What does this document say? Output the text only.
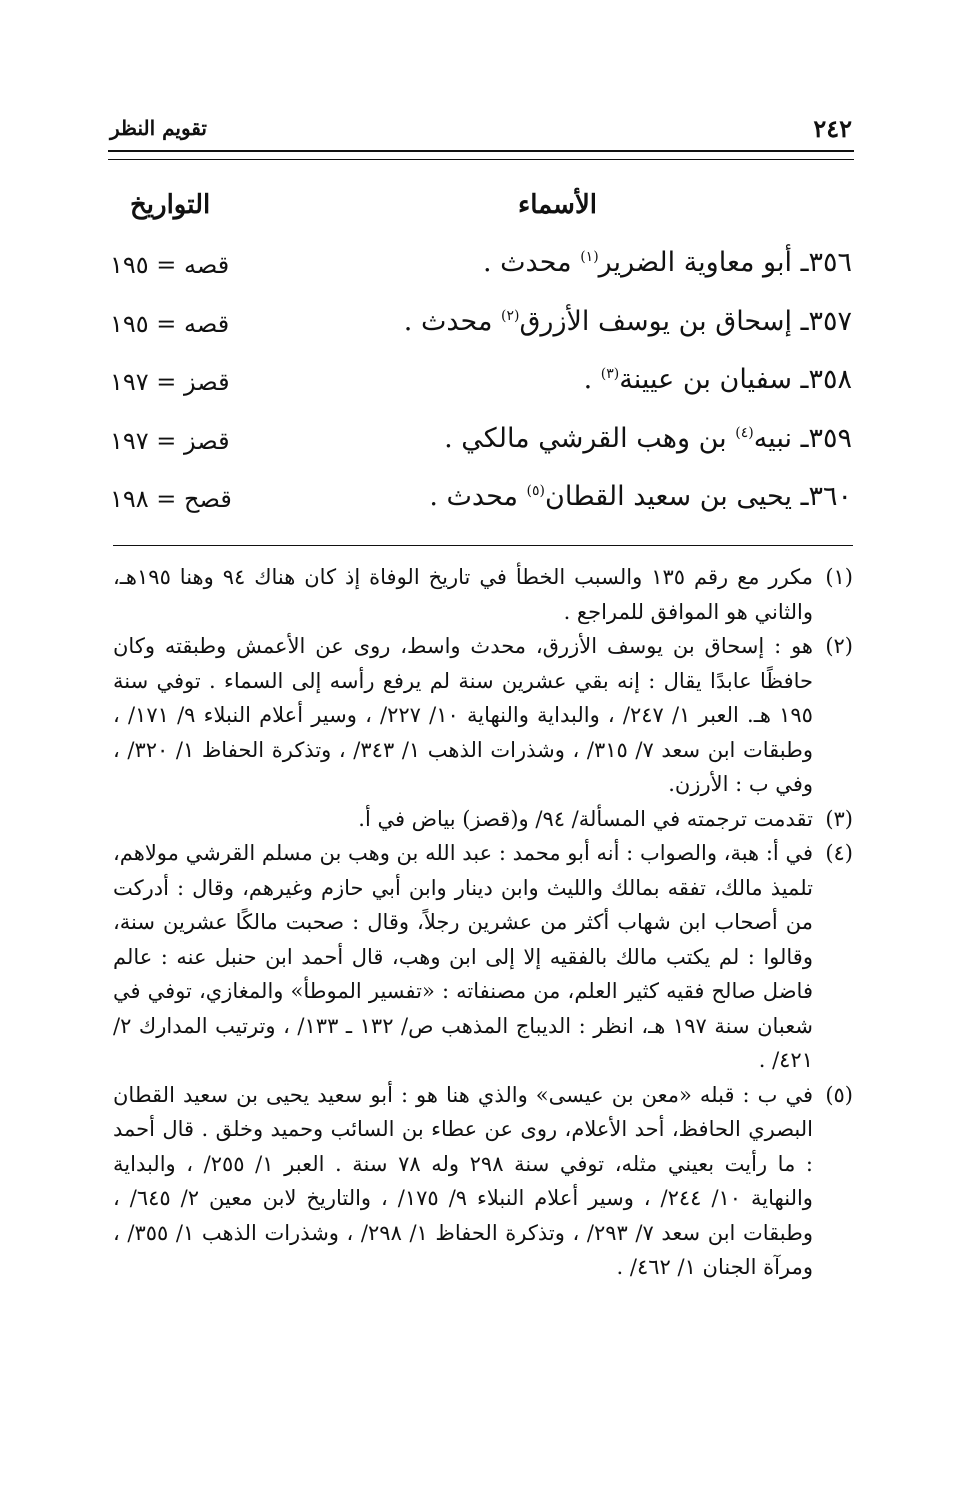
٢٤٢
تقويم النظر
الأسماء
التواريخ
٣٥٦ـ أبو معاوية الضرير$^{(١)}$ محدث .
قصه = ١٩٥
٣٥٧ـ إسحاق بن يوسف الأزرق$^{(٢)}$ محدث .
قصه = ١٩٥
٣٥٨ـ سفيان بن عيينة$^{(٣)}$ .
قصز = ١٩٧
٣٥٩ـ نبيه$^{(٤)}$ بن وهب القرشي مالكي .
قصز = ١٩٧
٣٦٠ـ يحيى بن سعيد القطان$^{(٥)}$ محدث .
قصح = ١٩٨
(١)
مكرر مع رقم ١٣٥ والسبب الخطأ في تاريخ الوفاة إذ كان هناك ٩٤ وهنا ١٩٥هـ، والثاني هو الموافق للمراجع .
(٢)
هو : إسحاق بن يوسف الأزرق، محدث واسط، روى عن الأعمش وطبقته وكان حافظًا عابدًا يقال : إنه بقي عشرين سنة لم يرفع رأسه إلى السماء . توفي سنة ١٩٥ هـ. العبر ١/ ٢٤٧/ ، والبداية والنهاية ١٠/ ٢٢٧/ ، وسير أعلام النبلاء ٩/ ١٧١/ ، وطبقات ابن سعد ٧/ ٣١٥/ ، وشذرات الذهب ١/ ٣٤٣/ ، وتذكرة الحفاظ ١/ ٣٢٠/ ، وفي ب : الأرزن.
(٣)
تقدمت ترجمته في المسألة/ ٩٤/ و(قصز) بياض في أ.
(٤)
في أ: هبة، والصواب : أنه أبو محمد : عبد الله بن وهب بن مسلم القرشي مولاهم، تلميذ مالك، تفقه بمالك والليث وابن دينار وابن أبي حازم وغيرهم، وقال : أدركت من أصحاب ابن شهاب أكثر من عشرين رجلاً، وقال : صحبت مالكًا عشرين سنة، وقالوا : لم يكتب مالك بالفقيه إلا إلى ابن وهب، قال أحمد ابن حنبل عنه : عالم فاضل صالح فقيه كثير العلم، من مصنفاته : «تفسير الموطأ» والمغازي، توفي في شعبان سنة ١٩٧ هـ، انظر : الديباج المذهب ص/ ١٣٢ ـ ١٣٣/ ، وترتيب المدارك ٢/ ٤٢١/ .
(٥)
في ب : قبله «معن بن عيسى» والذي هنا هو : أبو سعيد يحيى بن سعيد القطان البصري الحافظ، أحد الأعلام، روى عن عطاء بن السائب وحميد وخلق . قال أحمد : ما رأيت بعيني مثله، توفي سنة ٢٩٨ وله ٧٨ سنة . العبر ١/ ٢٥٥/ ، والبداية والنهاية ١٠/ ٢٤٤/ ، وسير أعلام النبلاء ٩/ ١٧٥/ ، والتاريخ لابن معين ٢/ ٦٤٥/ ، وطبقات ابن سعد ٧/ ٢٩٣/ ، وتذكرة الحفاظ ١/ ٢٩٨/ ، وشذرات الذهب ١/ ٣٥٥/ ، ومرآة الجنان ١/ ٤٦٢/ .
